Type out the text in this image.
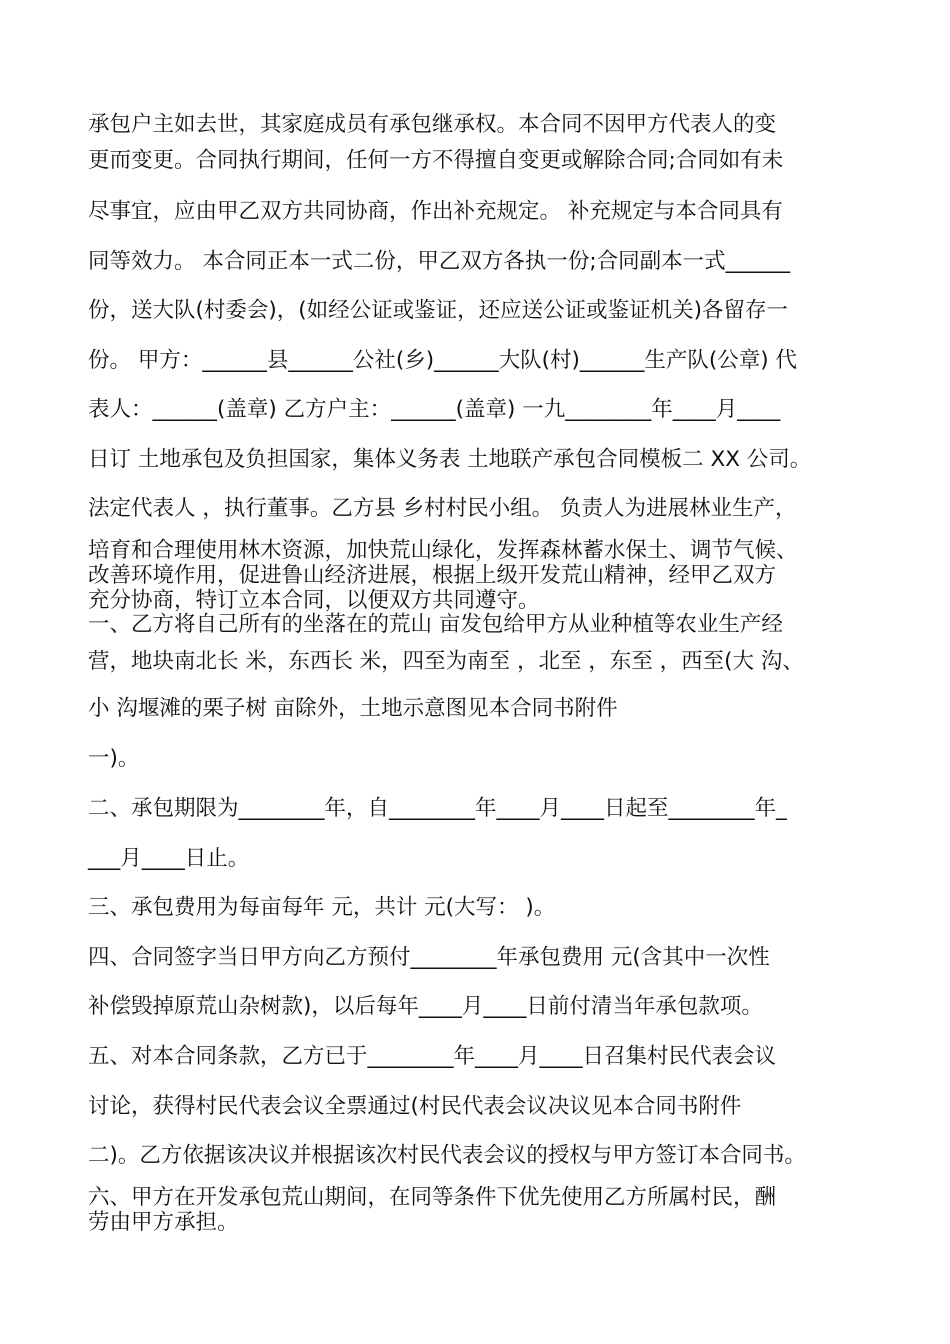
承包户主如去世，其家庭成员有承包继承权。本合同不因甲方代表人的变

更而变更。合同执行期间，任何一方不得擅自变更或解除合同;合同如有未

尽事宜，应由甲乙双方共同协商，作出补充规定。 补充规定与本合同具有

同等效力。 本合同正本一式二份，甲乙双方各执一份;合同副本一式______

份，送大队(村委会)，(如经公证或鉴证，还应送公证或鉴证机关)各留存一

份。 甲方：______县______公社(乡)______大队(村)______生产队(公章) 代

表人：______(盖章) 乙方户主：______(盖章) 一九________年____月____

日订 土地承包及负担国家，集体义务表 土地联产承包合同模板二 XX 公司。

法定代表人 ，执行董事。乙方县 乡村村民小组。 负责人为进展林业生产，

培育和合理使用林木资源，加快荒山绿化，发挥森林蓄水保土、调节气候、

改善环境作用，促进鲁山经济进展，根据上级开发荒山精神，经甲乙双方

充分协商，特订立本合同，以便双方共同遵守。

一、乙方将自己所有的坐落在的荒山 亩发包给甲方从业种植等农业生产经

营，地块南北长 米，东西长 米，四至为南至 ，北至 ，东至 ，西至(大 沟、

小 沟堰滩的栗子树 亩除外，土地示意图见本合同书附件

一)。

二、承包期限为________年，自________年____月____日起至________年_

___月____日止。

三、承包费用为每亩每年 元，共计 元(大写： )。

四、合同签字当日甲方向乙方预付________年承包费用 元(含其中一次性

补偿毁掉原荒山杂树款)，以后每年____月____日前付清当年承包款项。

五、对本合同条款，乙方已于________年____月____日召集村民代表会议

讨论，获得村民代表会议全票通过(村民代表会议决议见本合同书附件

二)。乙方依据该决议并根据该次村民代表会议的授权与甲方签订本合同书。

六、甲方在开发承包荒山期间，在同等条件下优先使用乙方所属村民，酬

劳由甲方承担。
